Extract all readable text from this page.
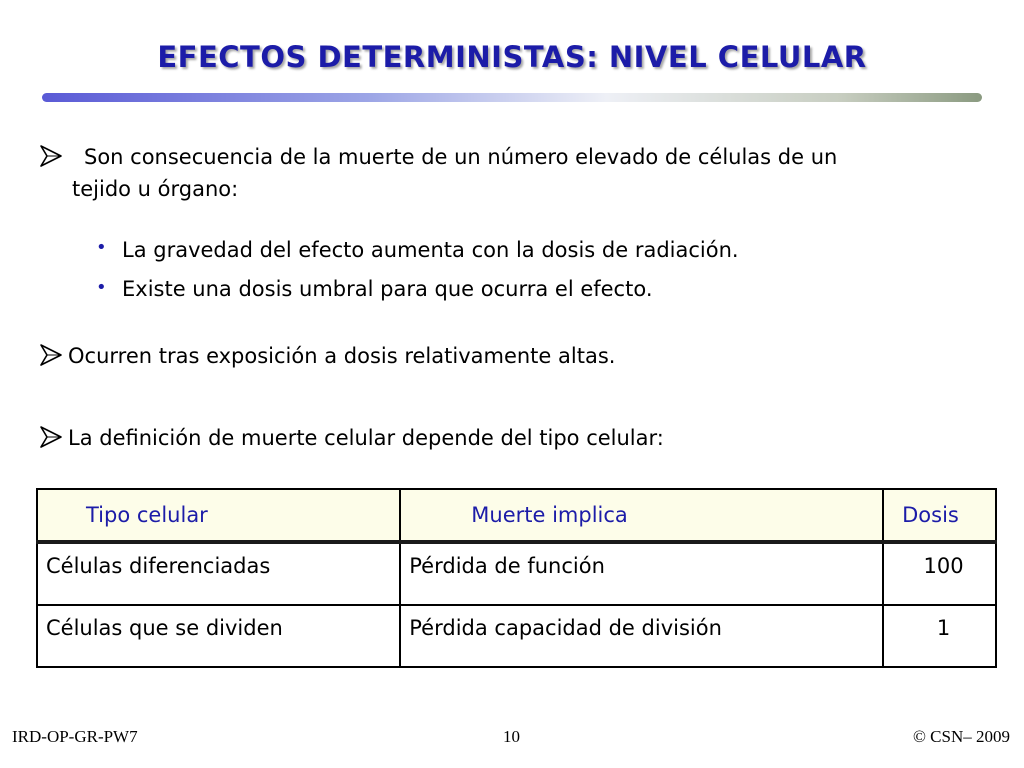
EFECTOS DETERMINISTAS: NIVEL CELULAR
Son consecuencia de la muerte de un número elevado de células de un
tejido u órgano:
• La gravedad del efecto aumenta con la dosis de radiación.
• Existe una dosis umbral para que ocurra el efecto.
Ocurren tras exposición a dosis relativamente altas.
La definición de muerte celular depende del tipo celular:
Tipo celular	Muerte implica	Dosis
Células diferenciadas	Pérdida de función	100
Células que se dividen	Pérdida capacidad de división	1
IRD-OP-GR-PW7	10	© CSN– 2009
